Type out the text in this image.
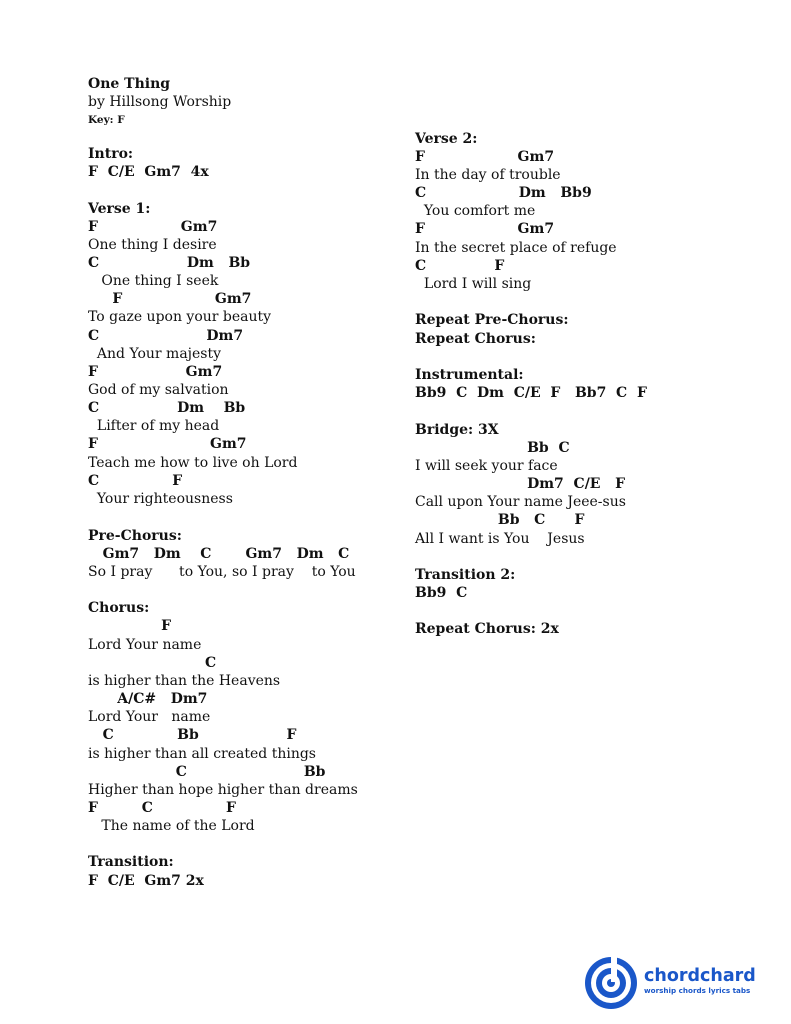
One Thing
by Hillsong Worship
Key: F
Intro:
F  C/E  Gm7  4x
Verse 1:
F                 Gm7
One thing I desire
C                  Dm   Bb
One thing I seek
F                   Gm7
To gaze upon your beauty
C                      Dm7
And Your majesty
F                  Gm7
God of my salvation
C                Dm    Bb
Lifter of my head
F                       Gm7
Teach me how to live oh Lord
C               F
Your righteousness
Pre-Chorus:
Gm7   Dm    C       Gm7   Dm   C
So I pray      to You, so I pray    to You
Chorus:
F
Lord Your name
C
is higher than the Heavens
A/C#   Dm7
Lord Your   name
C             Bb                  F
is higher than all created things
C                        Bb
Higher than hope higher than dreams
F         C               F
The name of the Lord
Transition:
F  C/E  Gm7 2x
Verse 2:
F                   Gm7
In the day of trouble
C                   Dm   Bb9
You comfort me
F                   Gm7
In the secret place of refuge
C              F
Lord I will sing
Repeat Pre-Chorus:
Repeat Chorus:
Instrumental:
Bb9  C  Dm  C/E  F   Bb7  C  F
Bridge: 3X
Bb  C
I will seek your face
Dm7  C/E   F
Call upon Your name Jeee-sus
Bb   C      F
All I want is You    Jesus
Transition 2:
Bb9  C
Repeat Chorus: 2x
chordchard
worship chords lyrics tabs
